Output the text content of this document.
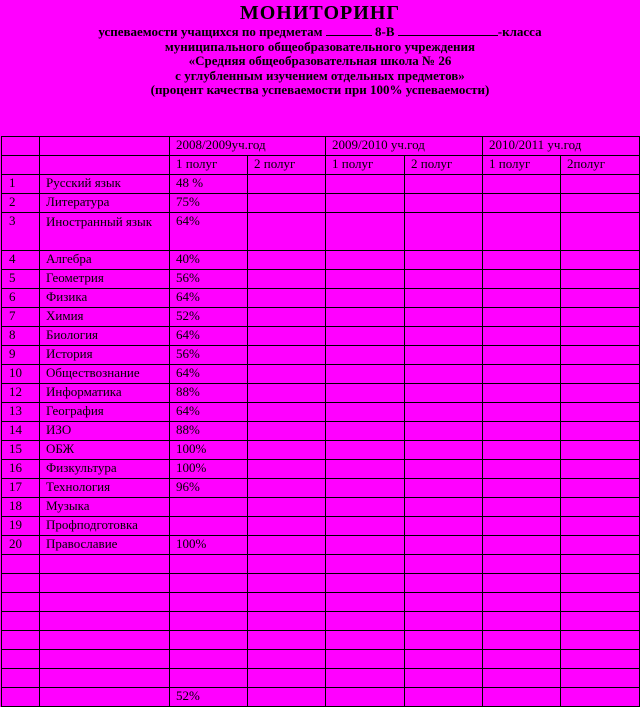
МОНИТОРИНГ
успеваемости учащихся по предметам	8-В	-класса
муниципального общеобразовательного учреждения
«Средняя общеобразовательная школа № 26
с углубленным изучением отдельных предметов»
(процент качества успеваемости при 100% успеваемости)
		2008/2009уч.год		2009/2010 уч.год		2010/2011 уч.год	
		1 полуг	2 полуг	1 полуг	2 полуг	1 полуг	2полуг
1	Русский язык	48 %					
2	Литература	75%					
3	Иностранный язык	64%					
4	Алгебра	40%					
5	Геометрия	56%					
6	Физика	64%					
7	Химия	52%					
8	Биология	64%					
9	История	56%					
10	Обществознание	64%					
12	Информатика	88%					
13	География	64%					
14	ИЗО	88%					
15	ОБЖ	100%					
16	Физкультура	100%					
17	Технология	96%					
18	Музыка						
19	Профподготовка						
20	Православие	100%					

		52%					
